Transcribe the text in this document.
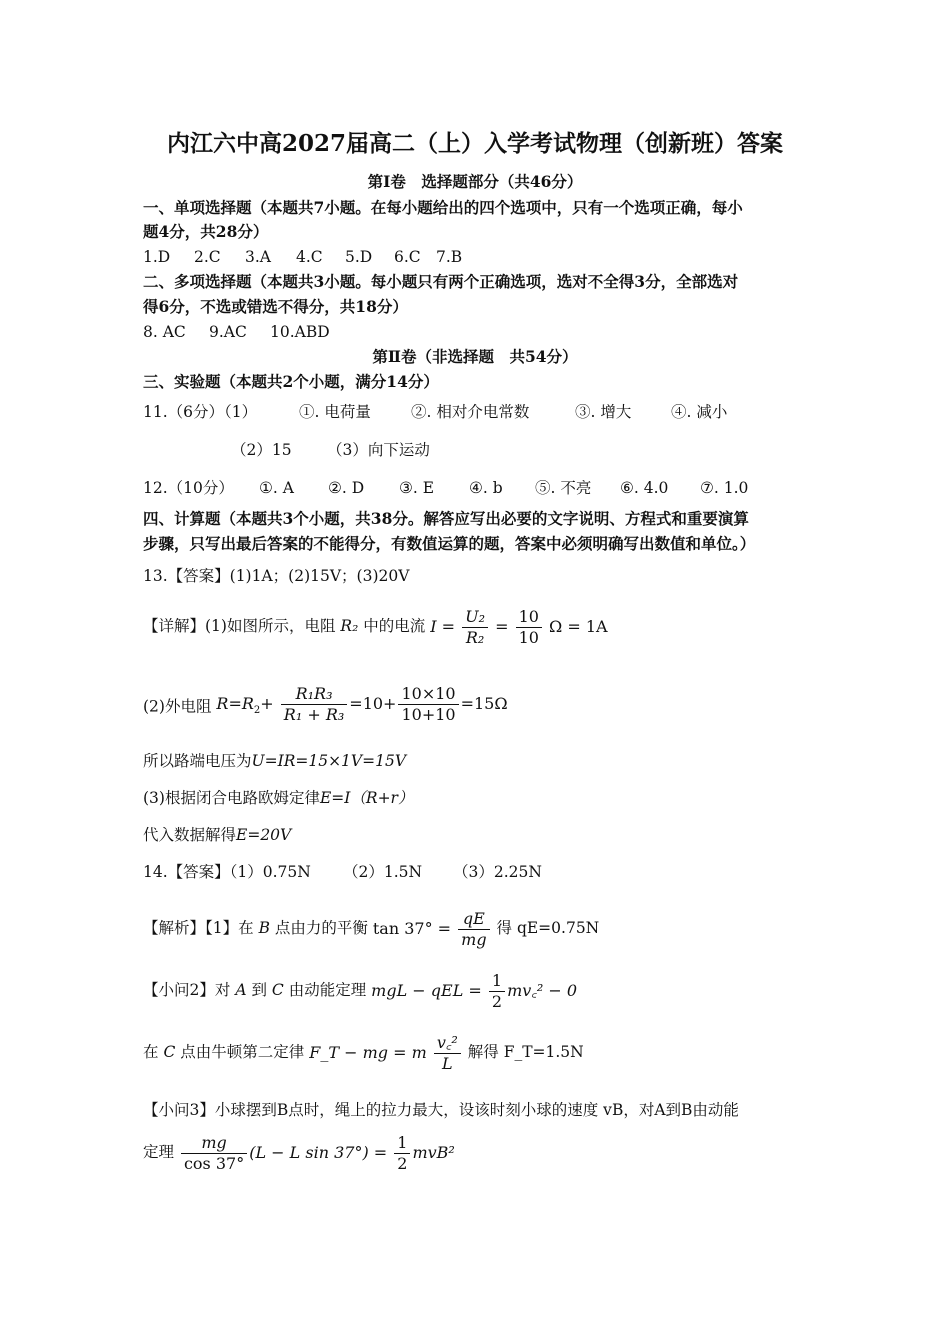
内江六中高2027届高二（上）入学考试物理（创新班）答案
第Ⅰ卷　选择题部分（共46分）
一、单项选择题（本题共7小题。在每小题给出的四个选项中，只有一个选项正确，每小
题4分，共28分）
1.D 2.C 3.A 4.C 5.D 6.C 7.B
二、多项选择题（本题共3小题。每小题只有两个正确选项，选对不全得3分，全部选对
得6分，不选或错选不得分，共18分）
8. AC 9.AC 10.ABD
第Ⅱ卷（非选择题　共54分）
三、实验题（本题共2个小题，满分14分）
11.（6分）（1）	①. 电荷量	②. 相对介电常数	③. 增大	④. 减小
（2）15 （3）向下运动
12.（10分） ①. A ②. D ③. E ④. b ⑤. 不亮 ⑥. 4.0 ⑦. 1.0
四、计算题（本题共3个小题，共38分。解答应写出必要的文字说明、方程式和重要演算
步骤，只写出最后答案的不能得分，有数值运算的题，答案中必须明确写出数值和单位。）
13.【答案】(1)1A；(2)15V；(3)20V
【详解】(1)如图所示，电阻 R₂ 中的电流 $I = \frac{\text{U₂}}{\text{R₂}} = \frac{10}{10}$ Ω = 1A
(2)外电阻 $R=R_2+ \frac{\text{R₁R₃}}{\text{R₁ + R₃}} =10+ \frac{10\times 10}{10+10} =15\Omega$
所以路端电压为U=IR=15×1V=15V
(3)根据闭合电路欧姆定律E=I（R+r）
代入数据解得E=20V
14.【答案】（1）0.75N （2）1.5N （3）2.25N
【解析】【1】在 B 点由力的平衡 $\tan 37^\circ = \frac{qE}{mg}$ 得 qE=0.75N
【小问2】对 A 到 C 由动能定理 mgL − qEL = $\frac{1}{2}$ mv꜀² − 0
在 C 点由牛顿第二定律 F_T − mg = m $\frac{\text{v꜀²}}{L}$ 解得 F_T=1.5N
【小问3】小球摆到B点时，绳上的拉力最大，设该时刻小球的速度 vB，对A到B由动能
定理 $\frac{mg}{\cos 37^\circ} (L - L$ $\sin 37^\circ) = \frac{1}{2} mvB^2$
